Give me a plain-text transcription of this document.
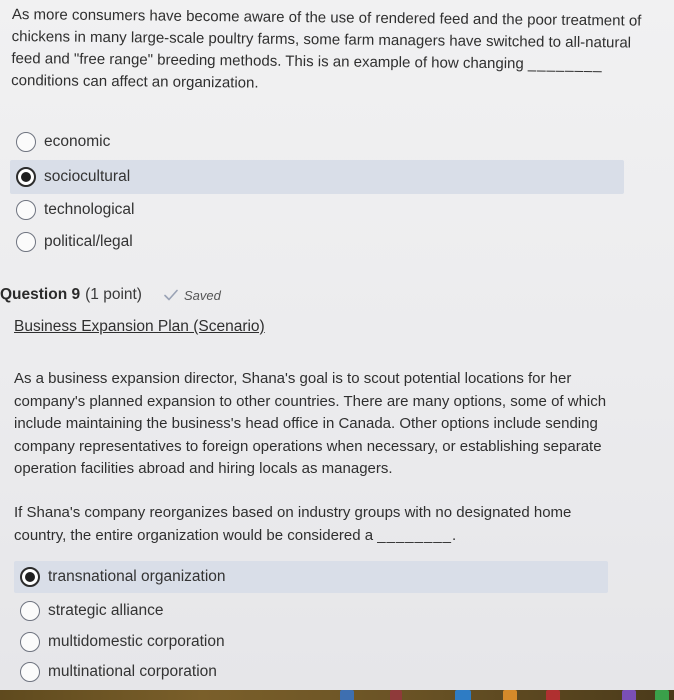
As more consumers have become aware of the use of rendered feed and the poor treatment of chickens in many large-scale poultry farms, some farm managers have switched to all-natural feed and "free range" breeding methods. This is an example of how changing ________ conditions can affect an organization.
economic
sociocultural
technological
political/legal
Question 9 (1 point)	Saved
Business Expansion Plan (Scenario)
As a business expansion director, Shana's goal is to scout potential locations for her company's planned expansion to other countries. There are many options, some of which include maintaining the business's head office in Canada. Other options include sending company representatives to foreign operations when necessary, or establishing separate operation facilities abroad and hiring locals as managers.
If Shana's company reorganizes based on industry groups with no designated home country, the entire organization would be considered a ________.
transnational organization
strategic alliance
multidomestic corporation
multinational corporation
